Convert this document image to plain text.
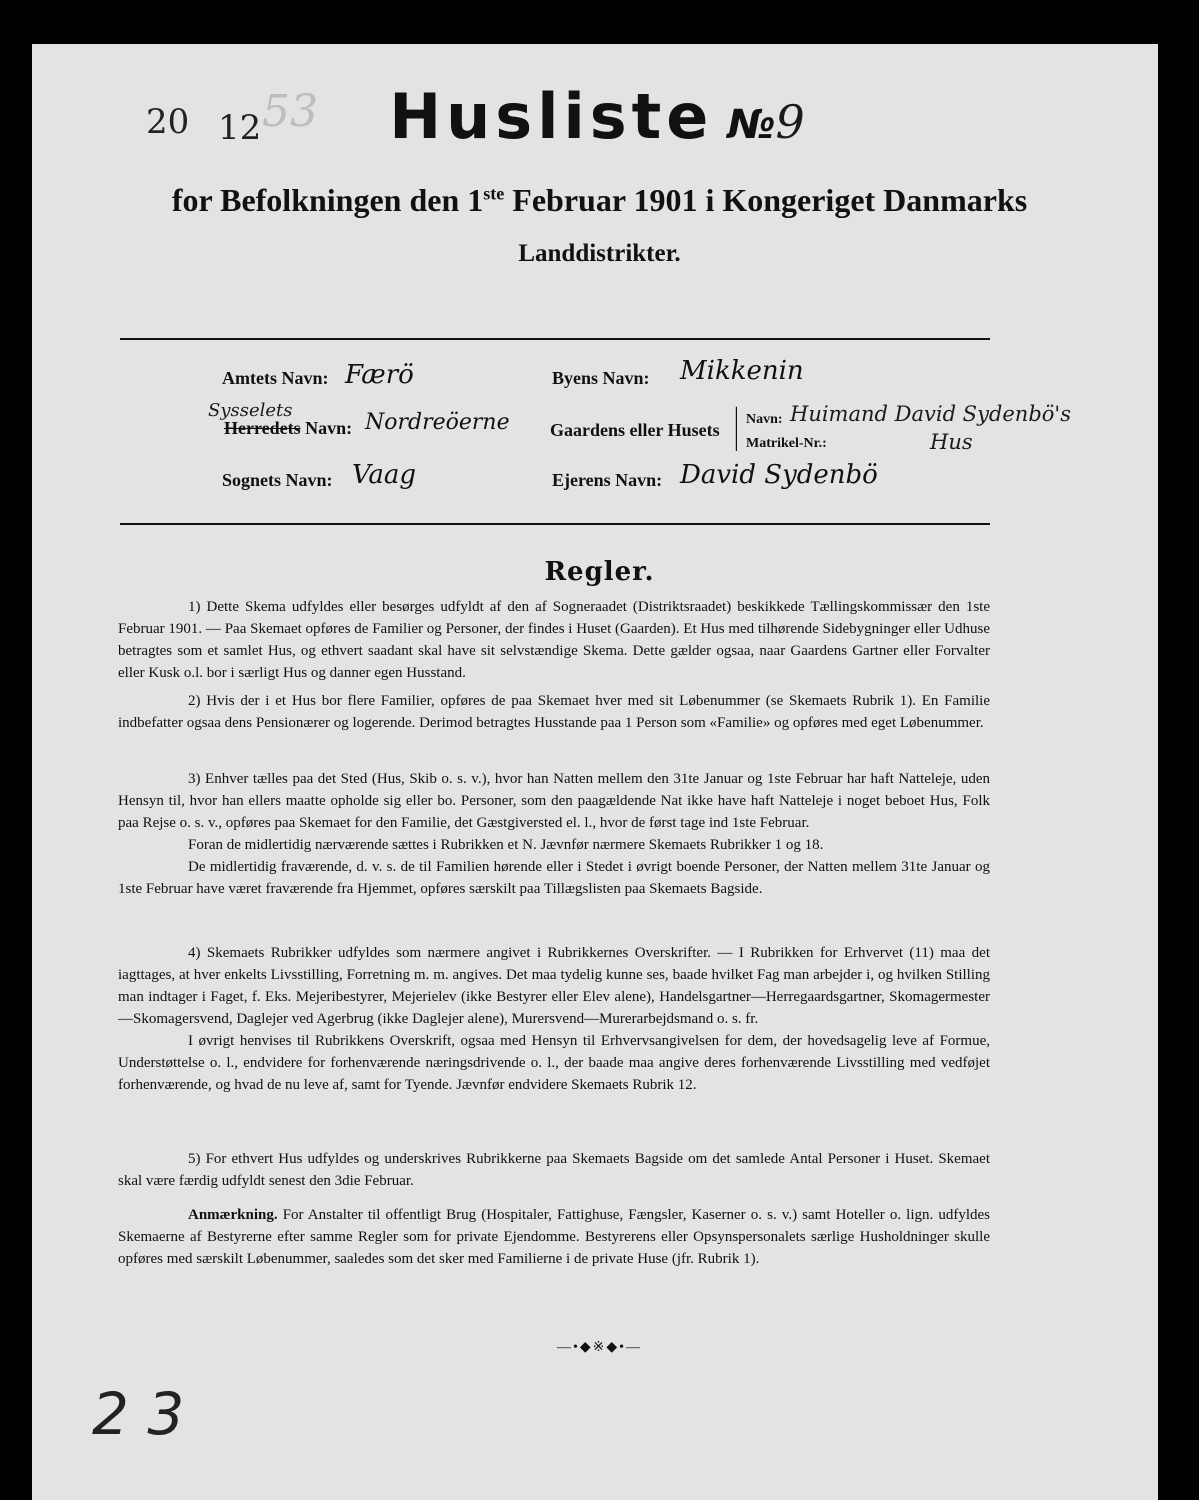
20 12 53	Husliste №9
for Befolkningen den 1ste Februar 1901 i Kongeriget Danmarks
Landdistrikter.
Amtets Navn: Færö
Sysselets
Herredets Navn: Nordreöerne
Sognets Navn: Vaag
Byens Navn: Mikkenin
Gaardens eller Husets |
|
Navn: Huimand David Sydenbö's
Matrikel-Nr.:	Hus
Ejerens Navn: David Sydenbö
Regler.

1) Dette Skema udfyldes eller besørges udfyldt af den af Sogneraadet (Distriktsraadet) beskikkede Tællingskommissær den 1ste Februar 1901. — Paa Skemaet opføres de Familier og Personer, der findes i Huset (Gaarden). Et Hus med tilhørende Sidebygninger eller Udhuse betragtes som et samlet Hus, og ethvert saadant skal have sit selvstændige Skema. Dette gælder ogsaa, naar Gaardens Gartner eller Forvalter eller Kusk o.l. bor i særligt Hus og danner egen Husstand.

2) Hvis der i et Hus bor flere Familier, opføres de paa Skemaet hver med sit Løbenummer (se Skemaets Rubrik 1). En Familie indbefatter ogsaa dens Pensionærer og logerende. Derimod betragtes Husstande paa 1 Person som «Familie» og opføres med eget Løbenummer.

3) Enhver tælles paa det Sted (Hus, Skib o. s. v.), hvor han Natten mellem den 31te Januar og 1ste Februar har haft Natteleje, uden Hensyn til, hvor han ellers maatte opholde sig eller bo. Personer, som den paagældende Nat ikke have haft Natteleje i noget beboet Hus, Folk paa Rejse o. s. v., opføres paa Skemaet for den Familie, det Gæstgiversted el. l., hvor de først tage ind 1ste Februar.

Foran de midlertidig nærværende sættes i Rubrikken et N. Jævnfør nærmere Skemaets Rubrikker 1 og 18.

De midlertidig fraværende, d. v. s. de til Familien hørende eller i Stedet i øvrigt boende Personer, der Natten mellem 31te Januar og 1ste Februar have været fraværende fra Hjemmet, opføres særskilt paa Tillægslisten paa Skemaets Bagside.

4) Skemaets Rubrikker udfyldes som nærmere angivet i Rubrikkernes Overskrifter. — I Rubrikken for Erhvervet (11) maa det iagttages, at hver enkelts Livsstilling, Forretning m. m. angives. Det maa tydelig kunne ses, baade hvilket Fag man arbejder i, og hvilken Stilling man indtager i Faget, f. Eks. Mejeribestyrer, Mejerielev (ikke Bestyrer eller Elev alene), Handelsgartner—Herregaardsgartner, Skomagermester—Skomagersvend, Daglejer ved Agerbrug (ikke Daglejer alene), Murersvend—Murerarbejdsmand o. s. fr.

I øvrigt henvises til Rubrikkens Overskrift, ogsaa med Hensyn til Erhvervsangivelsen for dem, der hovedsagelig leve af Formue, Understøttelse o. l., endvidere for forhenværende næringsdrivende o. l., der baade maa angive deres forhenværende Livsstilling med vedføjet forhenværende, og hvad de nu leve af, samt for Tyende. Jævnfør endvidere Skemaets Rubrik 12.

5) For ethvert Hus udfyldes og underskrives Rubrikkerne paa Skemaets Bagside om det samlede Antal Personer i Huset. Skemaet skal være færdig udfyldt senest den 3die Februar.

Anmærkning. For Anstalter til offentligt Brug (Hospitaler, Fattighuse, Fængsler, Kaserner o. s. v.) samt Hoteller o. lign. udfyldes Skemaerne af Bestyrerne efter samme Regler som for private Ejendomme. Bestyrerens eller Opsynspersonalets særlige Husholdninger skulle opføres med særskilt Løbenummer, saaledes som det sker med Familierne i de private Huse (jfr. Rubrik 1).

—•◆※◆•—
2 3
